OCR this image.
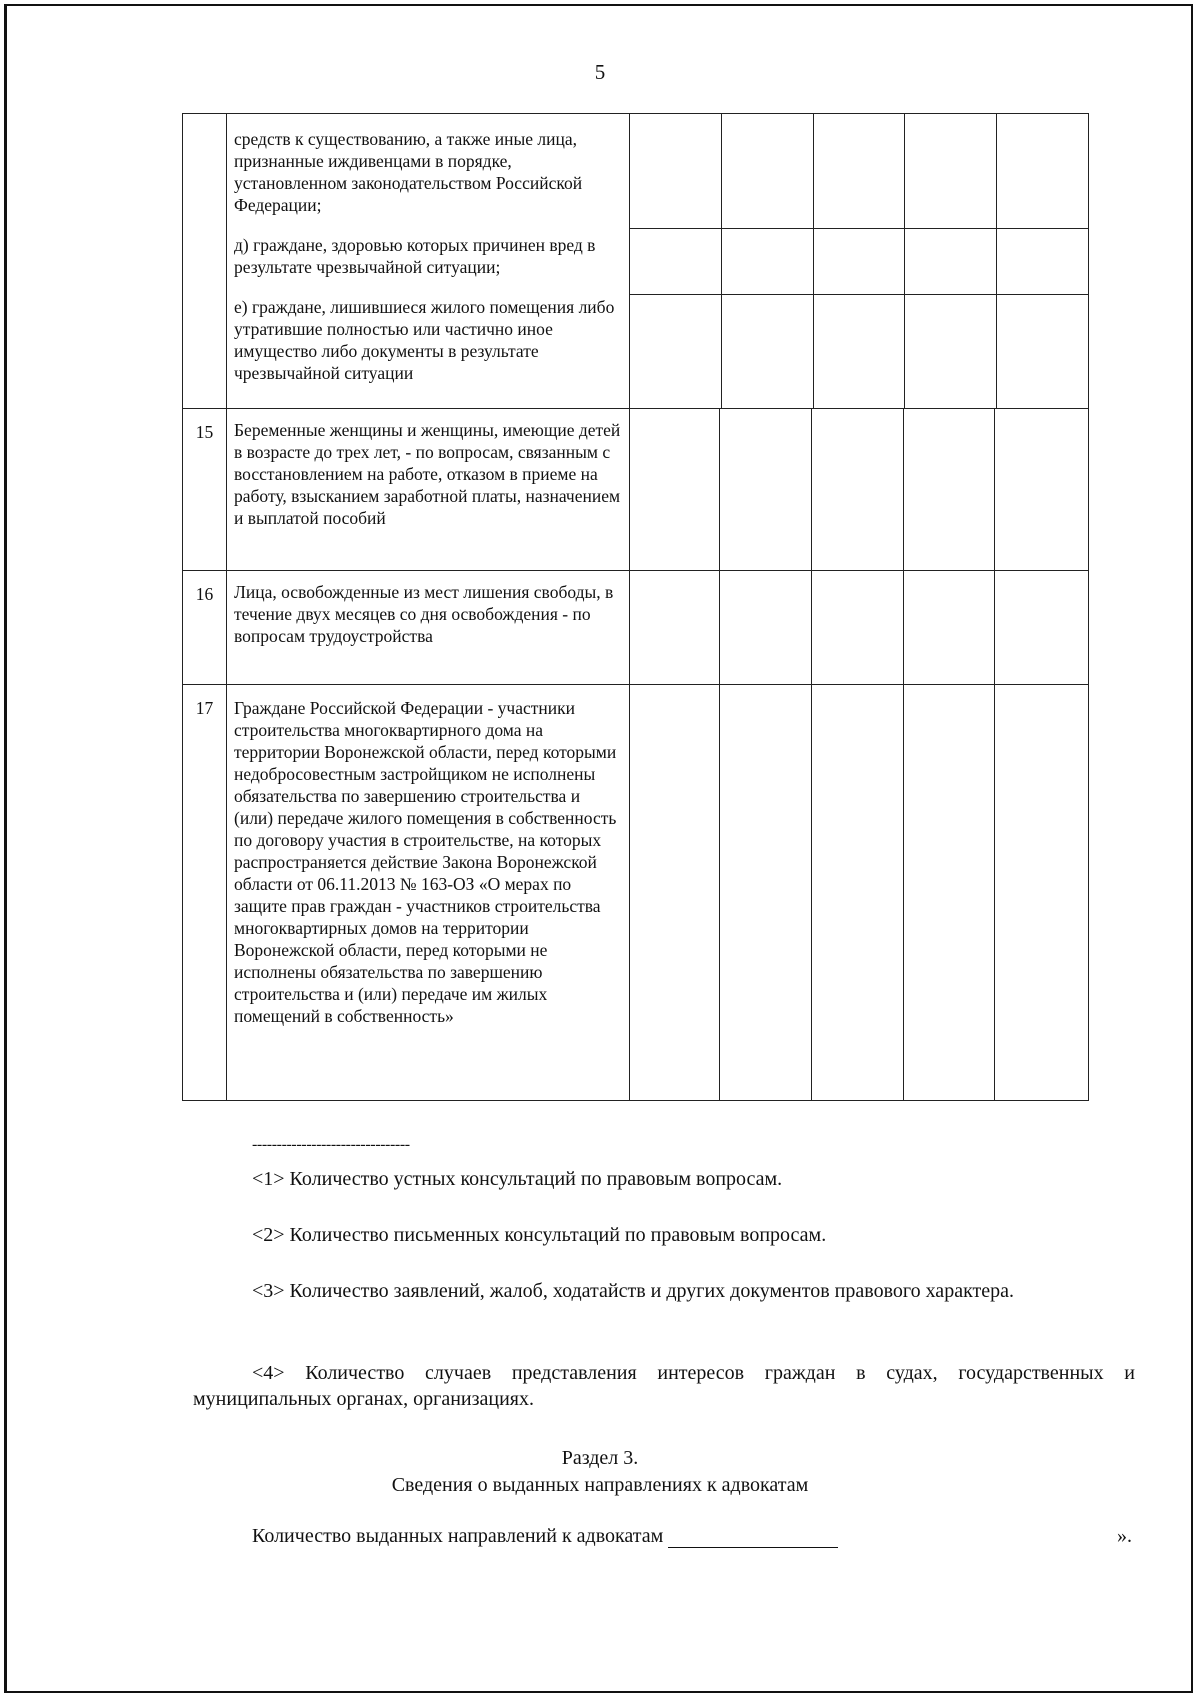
5

средств к существованию, а также иные лица, признанные иждивенцами в порядке, установленном законодательством Российской Федерации;
д) граждане, здоровью которых причинен вред в результате чрезвычайной ситуации;
е) граждане, лишившиеся жилого помещения либо утратившие полностью или частично иное имущество либо документы в результате чрезвычайной ситуации

15	Беременные женщины и женщины, имеющие детей в возрасте до трех лет, - по вопросам, связанным с восстановлением на работе, отказом в приеме на работу, взысканием заработной платы, назначением и выплатой пособий					
16	Лица, освобожденные из мест лишения свободы, в течение двух месяцев со дня освобождения - по вопросам трудоустройства					
17	Граждане Российской Федерации - участники строительства многоквартирного дома на территории Воронежской области, перед которыми недобросовестным застройщиком не исполнены обязательства по завершению строительства и (или) передаче жилого помещения в собственность по договору участия в строительстве, на которых распространяется действие Закона Воронежской области от 06.11.2013 № 163-ОЗ «О мерах по защите прав граждан - участников строительства многоквартирных домов на территории Воронежской области, перед которыми не исполнены обязательства по завершению строительства и (или) передаче им жилых помещений в собственность»					
--------------------------------
<1> Количество устных консультаций по правовым вопросам.
<2> Количество письменных консультаций по правовым вопросам.
<3> Количество заявлений, жалоб, ходатайств и других документов правового характера.
<4> Количество случаев представления интересов граждан в судах, государственных и муниципальных органах, организациях.
Раздел 3.
Сведения о выданных направлениях к адвокатам
Количество выданных направлений к адвокатам	».
